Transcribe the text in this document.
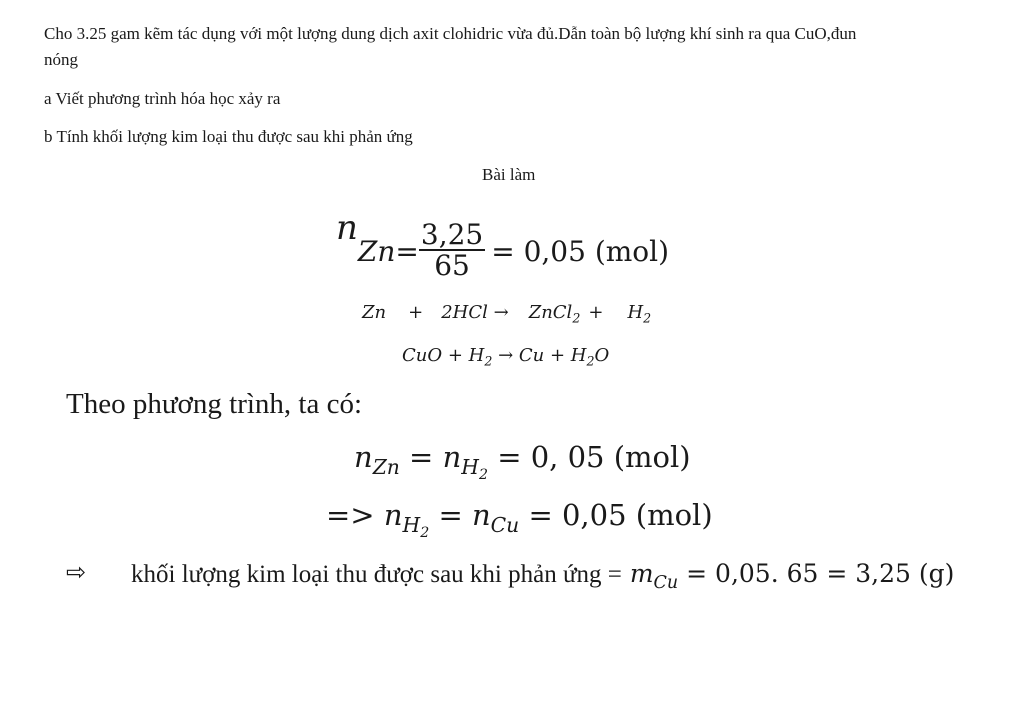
Cho 3.25 gam kẽm tác dụng với một lượng dung dịch axit clohidric vừa đủ.Dẫn toàn bộ lượng khí sinh ra qua CuO,đun
nóng
a Viết phương trình hóa học xảy ra
b Tính khối lượng kim loại thu được sau khi phản ứng
Bài làm
$nZn= \frac{3,25}{65} = 0,05$ (mol)
Zn + 2HCl → ZnCl$_2$ + $H_2$
CuO + $H_2 \to Cu + H_2O$
Theo phương trình, ta có:
$n_{Zn} = n_{H_2} = 0$, 05 (mol)
=> $n_{H_2} = n_{Cu} = 0,05$ (mol)
⇨ khối lượng kim loại thu được sau khi phản ứng = $m_{Cu} = 0,05$. 65 = 3,25 (g)
